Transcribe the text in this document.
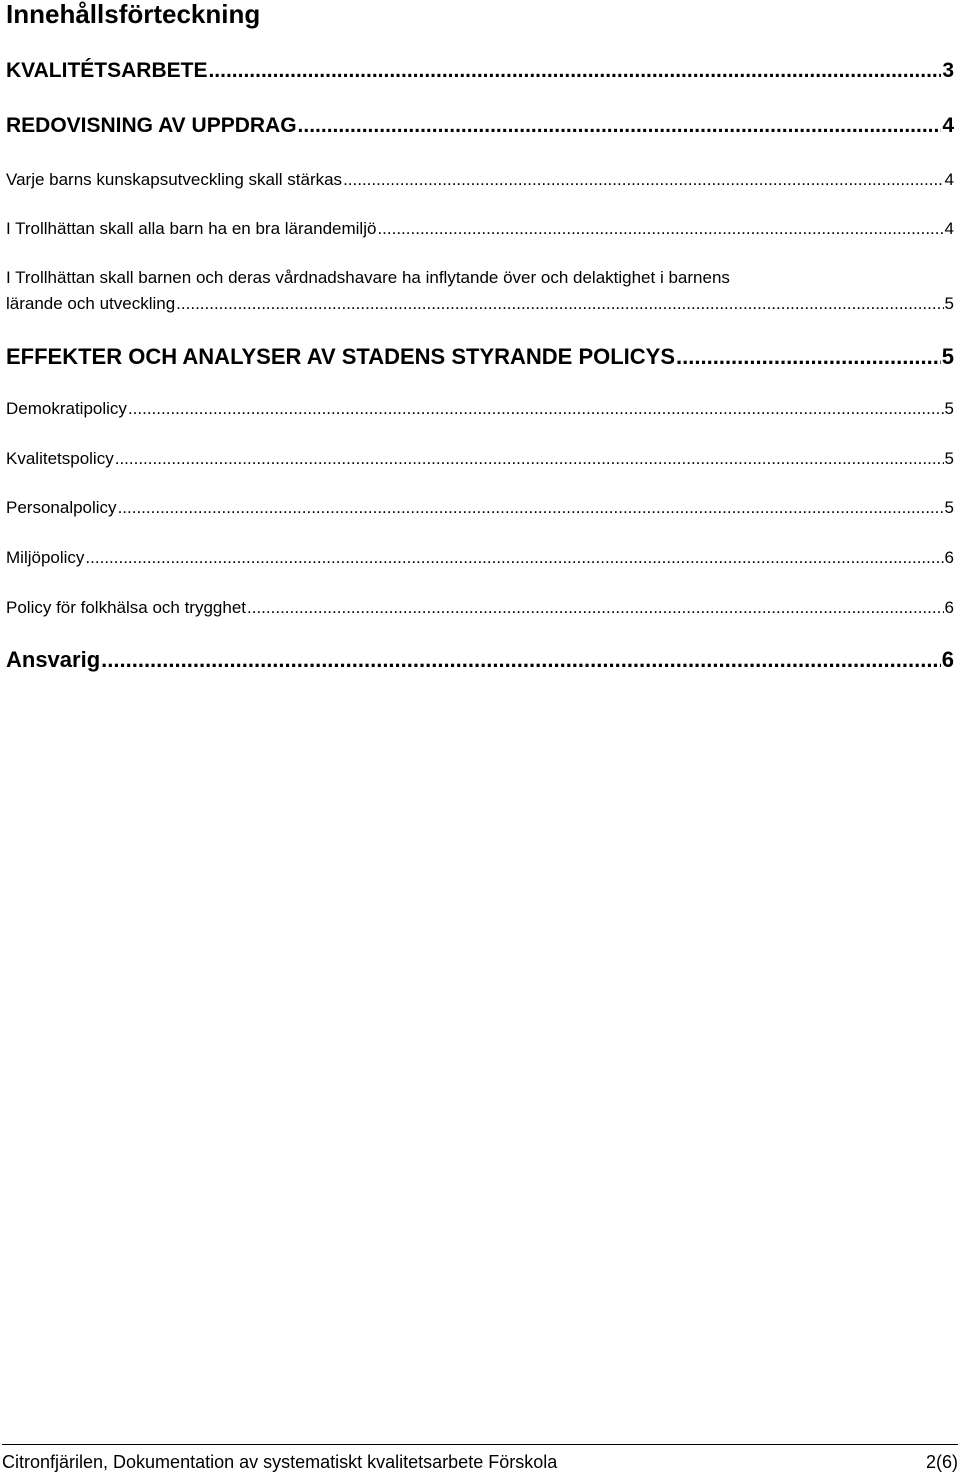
Innehållsförteckning
KVALITÉTSARBETE .....	3
REDOVISNING AV UPPDRAG .....	4
Varje barns kunskapsutveckling skall stärkas .....	4
I Trollhättan skall alla barn ha en bra lärandemiljö .....	4
I Trollhättan skall barnen och deras vårdnadshavare ha inflytande över och delaktighet i barnens
lärande och utveckling .....	5
EFFEKTER OCH ANALYSER AV STADENS STYRANDE POLICYS .....	5
Demokratipolicy .....	5
Kvalitetspolicy .....	5
Personalpolicy .....	5
Miljöpolicy .....	6
Policy för folkhälsa och trygghet .....	6
Ansvarig .....	6
Citronfjärilen, Dokumentation av systematiskt kvalitetsarbete Förskola	2(6)
